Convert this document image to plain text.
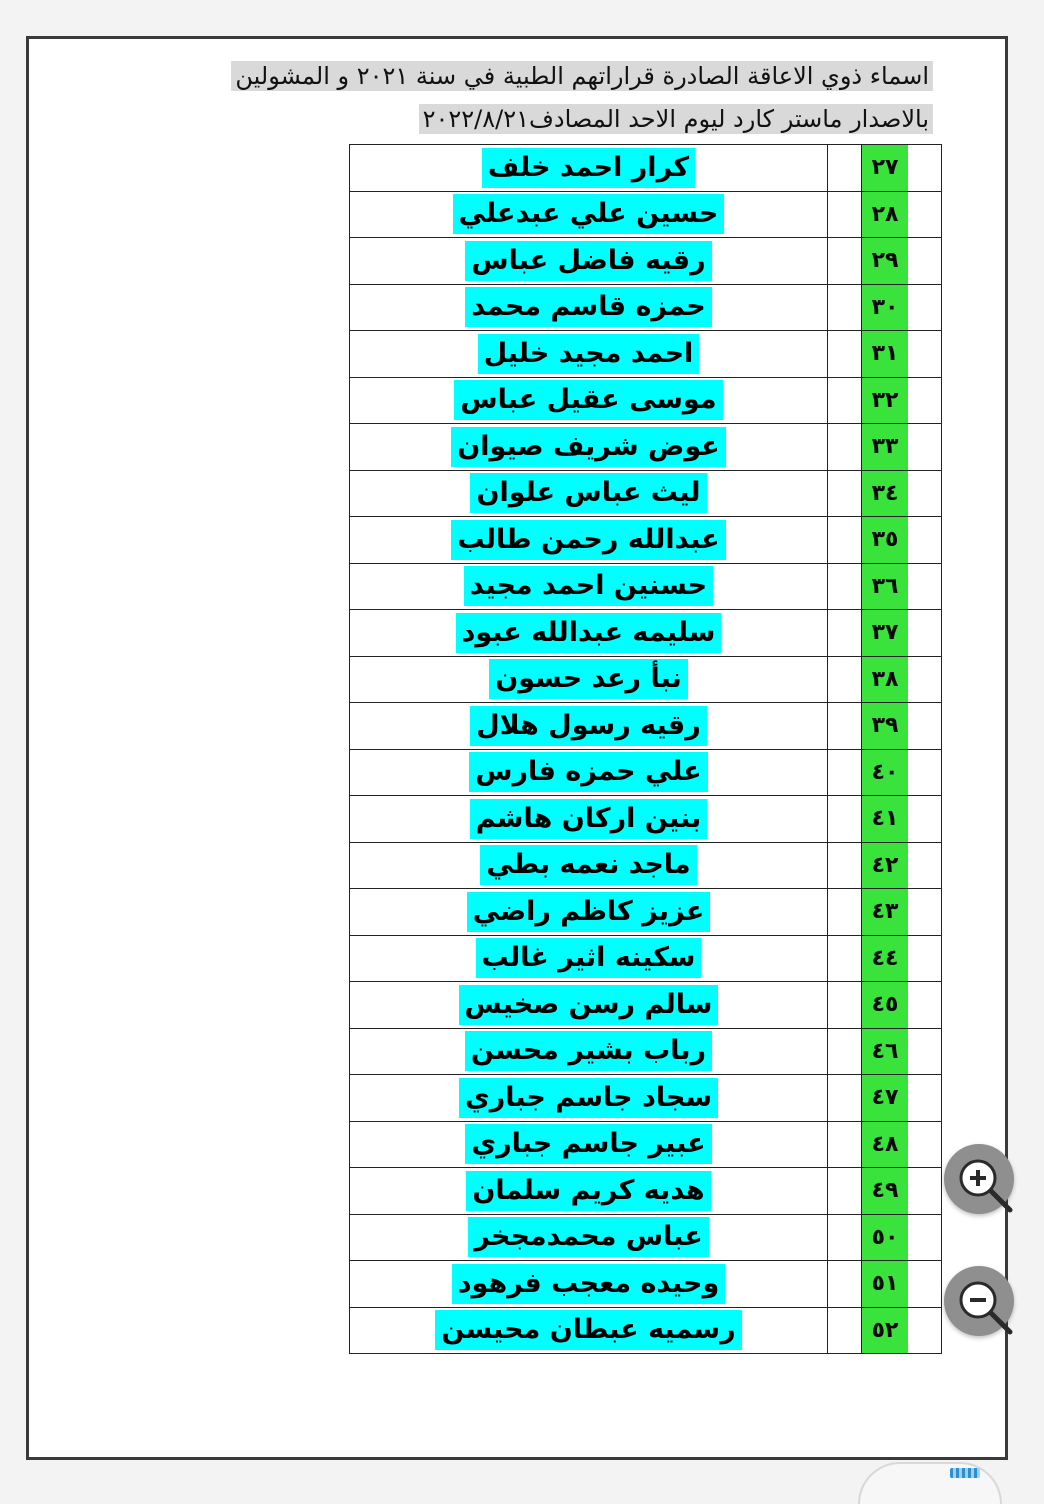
اسماء ذوي الاعاقة الصادرة قراراتهم الطبية في سنة ٢٠٢١ و المشولين
بالاصدار ماستر كارد ليوم الاحد المصادف٢٠٢٢/٨/٢١
٢٧		كرار احمد خلف
٢٨		حسين علي عبدعلي
٢٩		رقيه فاضل عباس
٣٠		حمزه قاسم محمد
٣١		احمد مجيد خليل
٣٢		موسى عقيل عباس
٣٣		عوض شريف صيوان
٣٤		ليث عباس علوان
٣٥		عبدالله رحمن طالب
٣٦		حسنين احمد مجيد
٣٧		سليمه عبدالله عبود
٣٨		نبأ رعد حسون
٣٩		رقيه رسول هلال
٤٠		علي حمزه فارس
٤١		بنين اركان هاشم
٤٢		ماجد نعمه بطي
٤٣		عزيز كاظم راضي
٤٤		سكينه اثير غالب
٤٥		سالم رسن صخيس
٤٦		رباب بشير محسن
٤٧		سجاد جاسم جباري
٤٨		عبير جاسم جباري
٤٩		هديه كريم سلمان
٥٠		عباس محمدمجخر
٥١		وحيده معجب فرهود
٥٢		رسميه عبطان محيسن
